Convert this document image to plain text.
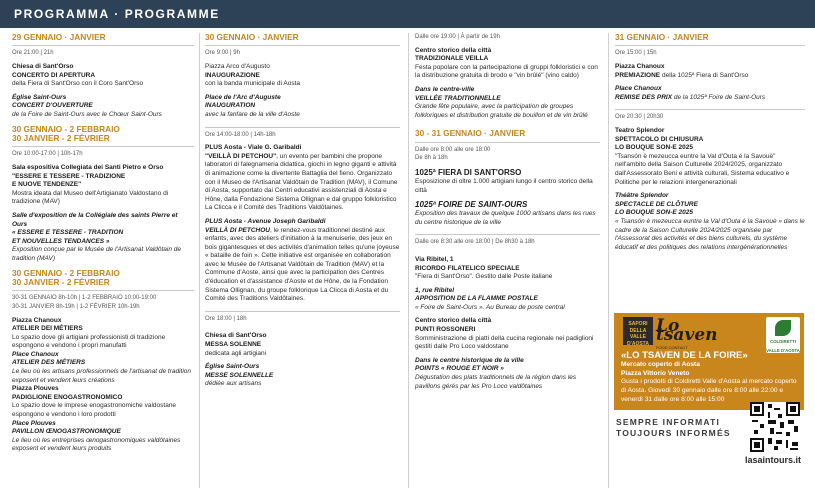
PROGRAMMA · PROGRAMME
29 GENNAIO · JANVIER
Ore 21:00 | 21h
Chiesa di Sant'Orso
CONCERTO DI APERTURA
della Fiera di Sant'Orso con il Coro Sant'Orso
Église Saint-Ours
CONCERT D'OUVERTURE
de la Foire de Saint-Ours avec le Chœur Saint-Ours
30 GENNAIO - 2 FEBBRAIO
30 JANVIER - 2 FÉVRIER
Ore 10:00-17:00 | 10h-17h
Sala espositiva Collegiata dei Santi Pietro e Orso
"ESSERE E TESSERE - TRADIZIONE
E NUOVE TENDENZE"
Mostra ideata dal Museo dell'Artigianato Valdostano di tradizione (MAV)
Salle d'exposition de la Collégiale des saints Pierre et Ours
« ESSERE E TESSERE - TRADITION
ET NOUVELLES TENDANCES »
Exposition conçue par le Musée de l'Artisanat Valdôtain de tradition (MAV)
30 GENNAIO - 2 FEBBRAIO
30 JANVIER - 2 FÉVRIER
30-31 GENNAIO 8h-10h | 1-2 FEBBRAIO 10:00-19:00
30-31 JANVIER 8h-19h | 1-2 FÉVRIER 10h-19h
Piazza Chanoux
ATELIER DEI MÉTIERS
Lo spazio dove gli artigiani professionisti di tradizione espongono e vendono i propri manufatti
Place Chanoux
ATELIER DES MÉTIERS
Le lieu où les artisans professionnels de l'artisanat de tradition exposent et vendent leurs créations
Piazza Plouves
PADIGLIONE ENOGASTRONOMICO
Lo spazio dove le imprese enogastronomiche valdostane espongono e vendono i loro prodotti
Place Plouves
PAVILLON ŒNOGASTRONOMIQUE
Le lieu où les entreprises œnogastronomiques valdôtaines exposent et vendent leurs produits
30 GENNAIO · JANVIER
Ore 9:00 | 9h
Piazza Arco d'Augusto
INAUGURAZIONE
con la banda municipale di Aosta
Place de l'Arc d'Auguste
INAUGURATION
avec la fanfare de la ville d'Aoste
Ore 14:00-18:00 | 14h-18h
PLUS Aosta - Viale G. Garibaldi
"VEILLÀ DI PETCHOU", un evento per bambini che propone laboratori di falegnameria didattica, giochi in legno giganti e attività di animazione come la divertente Battaglia del fieno. Organizzato con il Museo de l'Artisanat Valdôtain de Tradition (MAV), il Comune di Aosta, supportato dai Centri educativi assistenziali di Aosta e Hône, dalla Fondazione Sistema Ollignan e dal gruppo folkloristico La Clicca e il Comité des Traditions Valdôtaines.
PLUS Aosta - Avenue Joseph Garibaldi
VEILLÀ DI PETCHOU, le rendez-vous traditionnel destiné aux enfants, avec des ateliers d'initiation à la menuiserie, des jeux en bois gigantesques et des activités d'animation telles qu'une joyeuse « bataille de foin ». Cette initiative est organisée en collaboration avec le Musée de l'Artisanat Valdôtain de Tradition (MAV) et la Commune d'Aoste, ainsi que avec la participation des Centres d'éducation et d'assistance d'Aoste et de Hône, de la Fondation Sistema Ollignan, du groupe folklorique La Clicca di Aosta et du Comité des Traditions Valdôtaines.
Ore 18:00 | 18h
Chiesa di Sant'Orso
MESSA SOLENNE
dedicata agli artigiani
Église Saint-Ours
MESSE SOLENNELLE
dédiée aux artisans
Dalle ore 19:00 | À partir de 19h
Centro storico della città
TRADIZIONALE VEILLA
Festa popolare con la partecipazione di gruppi folkloristici e con la distribuzione gratuita di brodo e "vin brûlé" (vino caldo)
Dans le centre-ville
VEILLÉE TRADITIONNELLE
Grande fête populaire, avec la participation de groupes folkloriques et distribution gratuite de bouillon et de vin brûlé
30 - 31 GENNAIO · JANVIER
Dalle ore 8:00 alle ore 18:00
De 8h à 18h
1025ª FIERA DI SANT'ORSO
Esposizione di oltre 1.000 artigiani lungo il centro storico della città
1025ª FOIRE DE SAINT-OURS
Exposition des travaux de quelque 1000 artisans dans les rues du centre historique de la ville
Dalle ore 8:30 alle ore 18:00 | De 8h30 à 18h
Via Ribitel, 1
RICORDO FILATELICO SPECIALE
"Fiera di Sant'Orso". Gestito dalle Poste italiane
1, rue Ribitel
APPOSITION DE LA FLAMME POSTALE
« Foire de Saint-Ours ». Au Bureau de poste central
Centro storico della città
PUNTI ROSSONERI
Somministrazione di piatti della cucina regionale nei padiglioni gestiti dalle Pro Loco valdostane
Dans le centre historique de la ville
POINTS « ROUGE ET NOIR »
Dégustation des plats traditionnels de la région dans les pavillons gérés par les Pro Loco valdôtaines
31 GENNAIO · JANVIER
Ore 15:00 | 15h
Piazza Chanoux
PREMIAZIONE della 1025ª Fiera di Sant'Orso
Place Chanoux
REMISE DES PRIX de la 1025ª Foire de Saint-Ours
Ore 20:30 | 20h30
Teatro Splendor
SPETTACOLO DI CHIUSURA
LO BOUQUE SON-E 2025
"Tsansón è mezeucca euntre la Val d'Outa é la Savouè" nell'ambito della Saison Culturelle 2024/2025, organizzato dall'Assessorato Beni e attività culturali, Sistema educativo e Politiche per le relazioni intergenerazionali
Théâtre Splendor
SPECTACLE DE CLÔTURE
LO BOUQUE SON-E 2025
« Tsansón è mezeucca euntre la Val d'Outa é la Savouè » dans le cadre de la Saison Culturelle 2024/2025 organisée par l'Assessorat des activités et des biens culturels, du système éducatif et des politiques des relations intergénérationnelles
SAPORI DELLA VALLE D'AOSTA
Lo tsaven
FOOD CONTACT
COLDIRETTI
VALLE D'AOSTA
«LO TSAVEN DE LA FOIRE»
Mercato coperto di Aosta
Piazza Vittorio Veneto
Gusta i prodotti di Coldiretti Valle d'Aosta al mercato coperto di Aosta. Giovedì 30 gennaio dalle ore 8:00 alle 22:00 e venerdì 31 dalle ore 8:00 alle 15:00
SEMPRE INFORMATI
TOUJOURS INFORMÉS
lasaintours.it
